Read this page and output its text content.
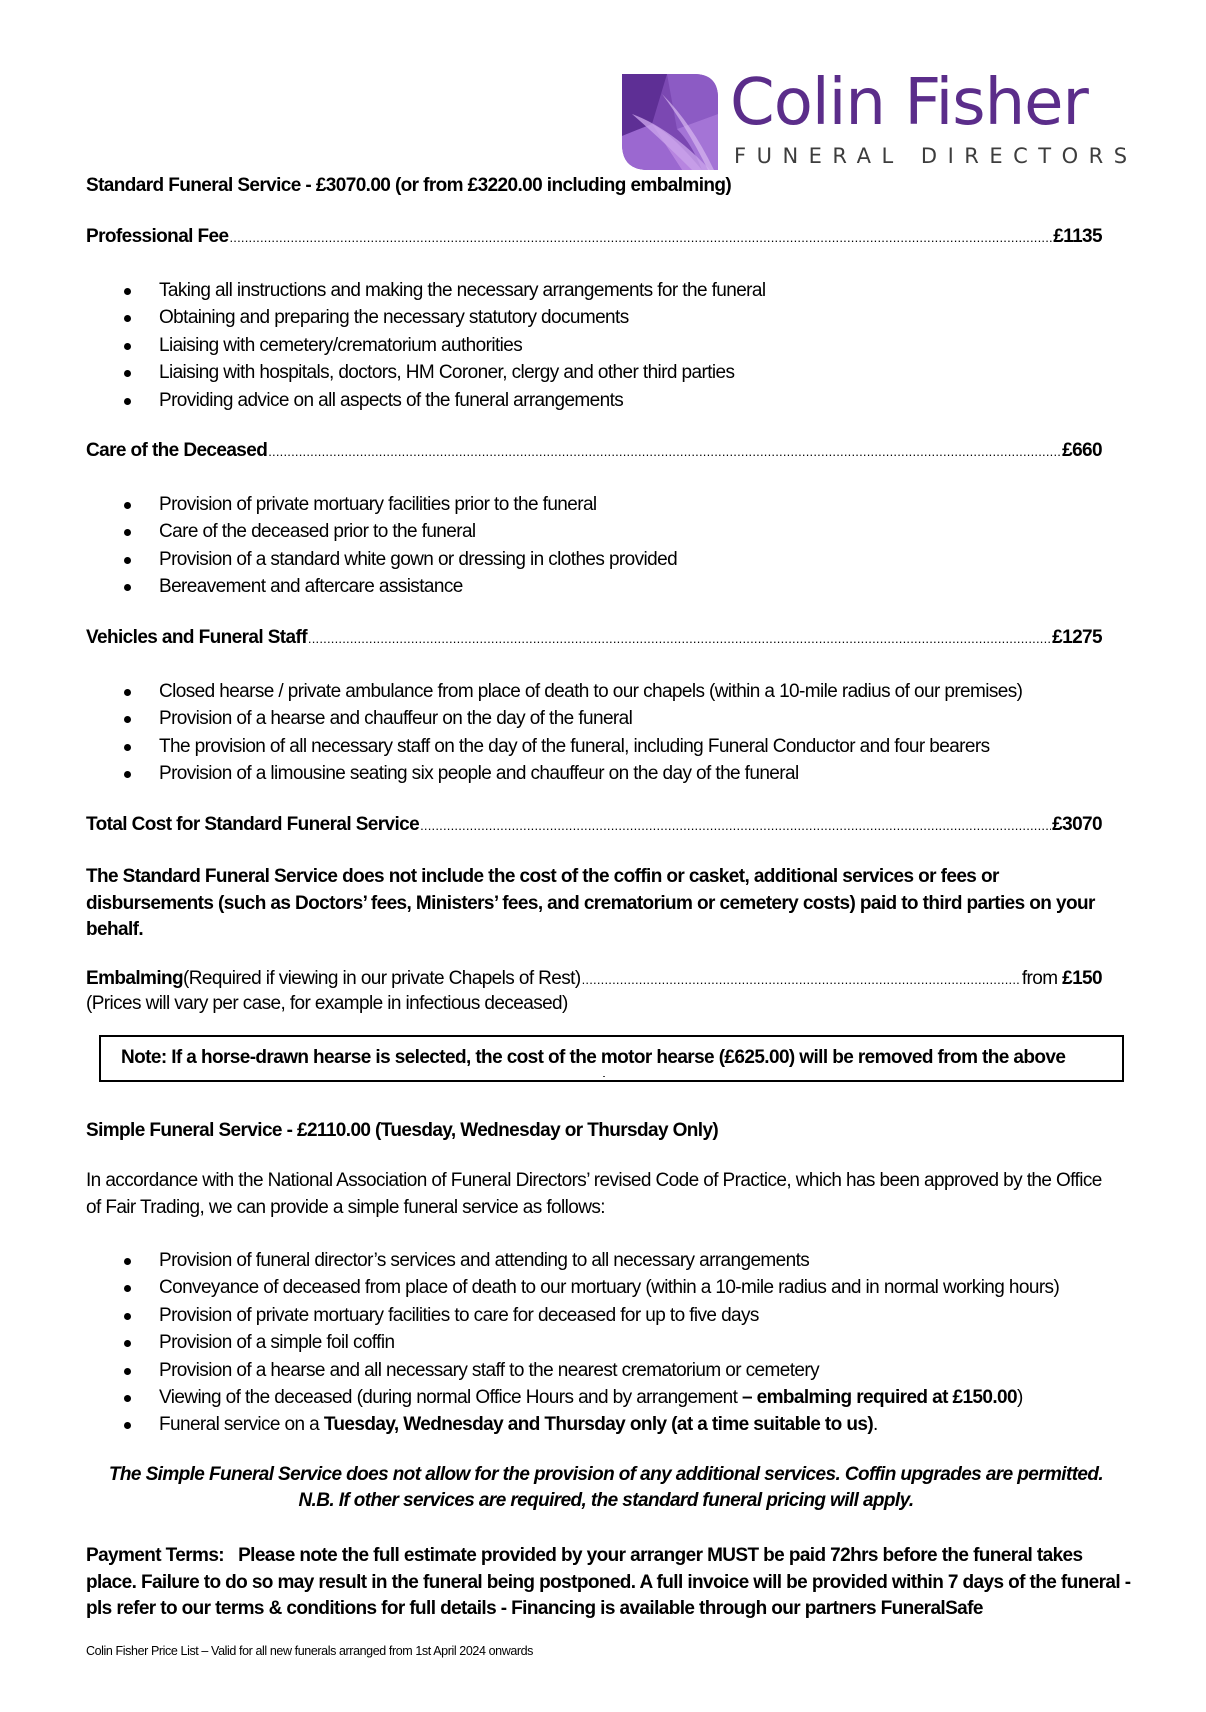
Colin Fisher
FUNERAL DIRECTORS
Standard Funeral Service - £3070.00 (or from £3220.00 including embalming)
Professional Fee .....	£1135
Taking all instructions and making the necessary arrangements for the funeral
Obtaining and preparing the necessary statutory documents
Liaising with cemetery/crematorium authorities
Liaising with hospitals, doctors, HM Coroner, clergy and other third parties
Providing advice on all aspects of the funeral arrangements
Care of the Deceased .....	£660
Provision of private mortuary facilities prior to the funeral
Care of the deceased prior to the funeral
Provision of a standard white gown or dressing in clothes provided
Bereavement and aftercare assistance
Vehicles and Funeral Staff .....	£1275
Closed hearse / private ambulance from place of death to our chapels (within a 10-mile radius of our premises)
Provision of a hearse and chauffeur on the day of the funeral
The provision of all necessary staff on the day of the funeral, including Funeral Conductor and four bearers
Provision of a limousine seating six people and chauffeur on the day of the funeral
Total Cost for Standard Funeral Service .....	£3070
The Standard Funeral Service does not include the cost of the coffin or casket, additional services or fees or disbursements (such as Doctors’ fees, Ministers’ fees, and crematorium or cemetery costs) paid to third parties on your behalf.
Embalming (Required if viewing in our private Chapels of Rest) .....	from £150
(Prices will vary per case, for example in infectious deceased)
Note: If a horse-drawn hearse is selected, the cost of the motor hearse (£625.00) will be removed from the above
Simple Funeral Service - £2110.00 (Tuesday, Wednesday or Thursday Only)
In accordance with the National Association of Funeral Directors’ revised Code of Practice, which has been approved by the Office of Fair Trading, we can provide a simple funeral service as follows:
Provision of funeral director’s services and attending to all necessary arrangements
Conveyance of deceased from place of death to our mortuary (within a 10-mile radius and in normal working hours)
Provision of private mortuary facilities to care for deceased for up to five days
Provision of a simple foil coffin
Provision of a hearse and all necessary staff to the nearest crematorium or cemetery
Viewing of the deceased (during normal Office Hours and by arrangement – embalming required at £150.00)
Funeral service on a Tuesday, Wednesday and Thursday only (at a time suitable to us).
The Simple Funeral Service does not allow for the provision of any additional services. Coffin upgrades are permitted.
N.B. If other services are required, the standard funeral pricing will apply.
Payment Terms: Please note the full estimate provided by your arranger MUST be paid 72hrs before the funeral takes place. Failure to do so may result in the funeral being postponed. A full invoice will be provided within 7 days of the funeral - pls refer to our terms & conditions for full details - Financing is available through our partners FuneralSafe
Colin Fisher Price List – Valid for all new funerals arranged from 1st April 2024 onwards
